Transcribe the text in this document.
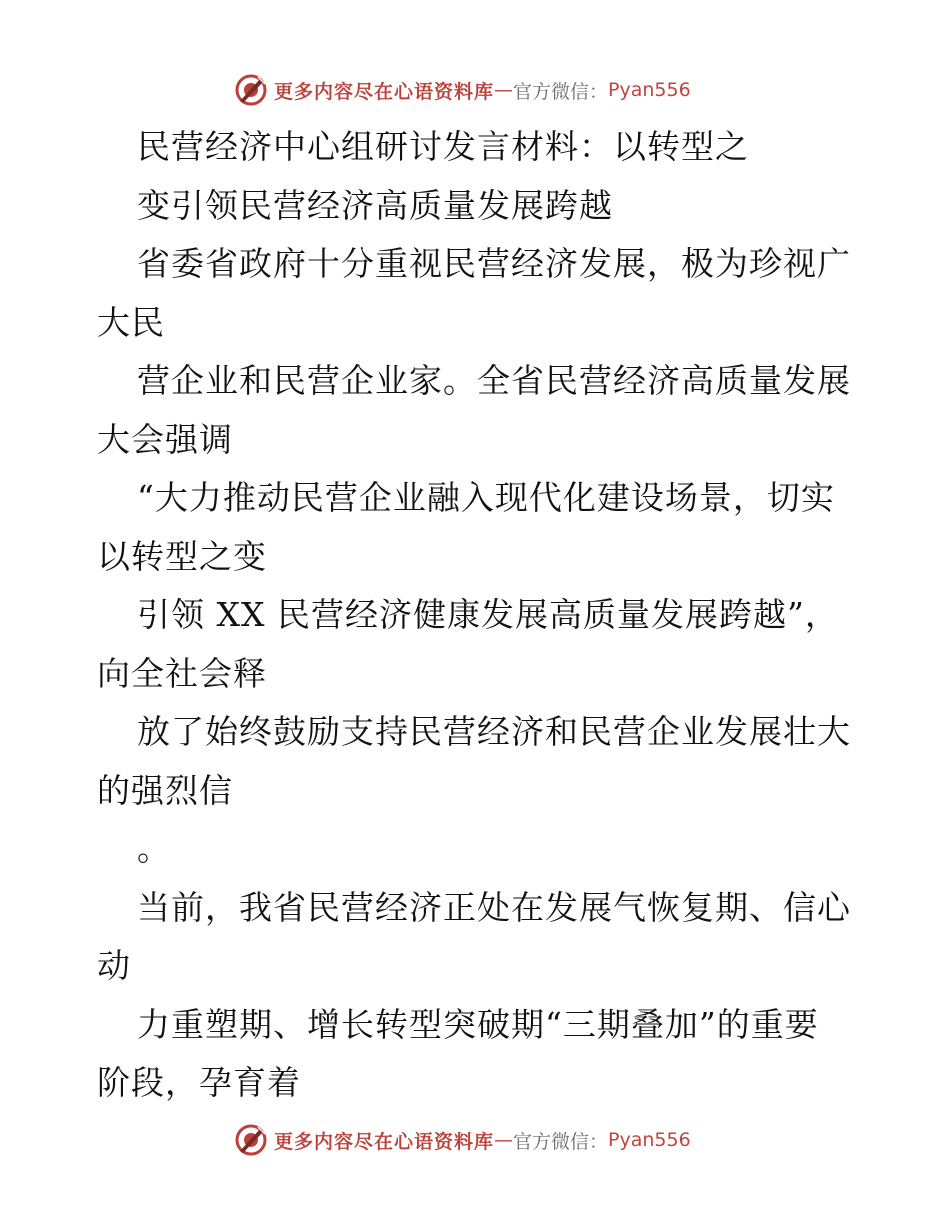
更多内容尽在心语资料库 — 官方微信： Pyan556
民营经济中心组研讨发言材料：以转型之
变引领民营经济高质量发展跨越
省委省政府十分重视民营经济发展，极为珍视广
大民
营企业和民营企业家。全省民营经济高质量发展
大会强调
“大力推动民营企业融入现代化建设场景，切实
以转型之变
引领 XX 民营经济健康发展高质量发展跨越”，
向全社会释
放了始终鼓励支持民营经济和民营企业发展壮大
的强烈信
。
当前，我省民营经济正处在发展气恢复期、信心
动
力重塑期、增长转型突破期“三期叠加”的重要
阶段，孕育着
更多内容尽在心语资料库 — 官方微信： Pyan556
